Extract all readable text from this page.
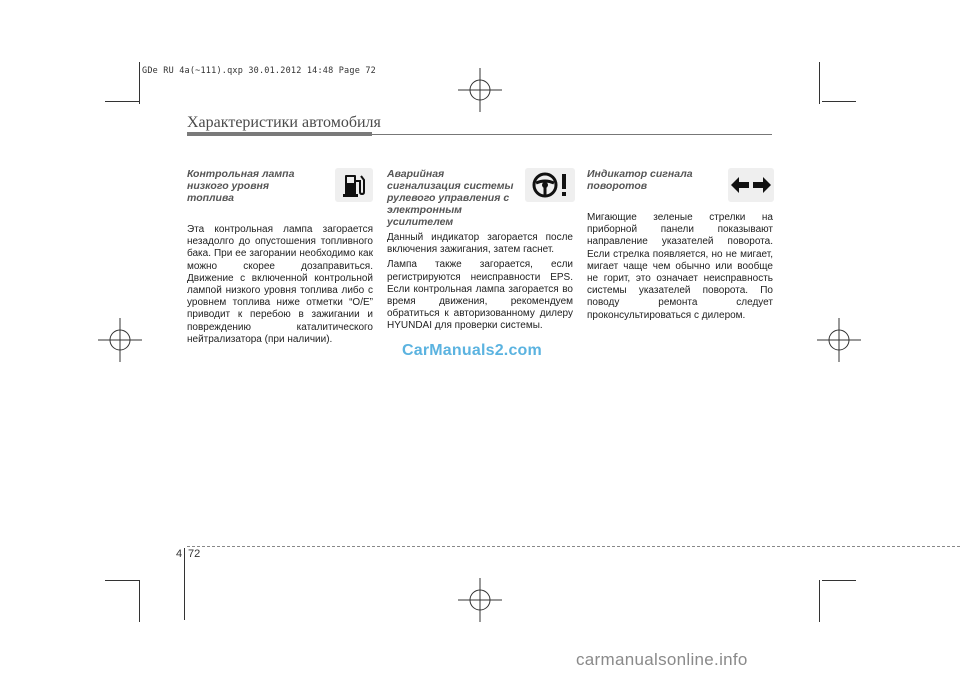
GDe RU 4a(~111).qxp 30.01.2012 14:48 Page 72
Характеристики автомобиля
Контрольная лампа низкого уровня топлива

Эта контрольная лампа загорается незадолго до опустошения топливного бака. При ее загорании необходимо как можно скорее дозаправиться. Движение с включенной контрольной лампой низкого уровня топлива либо с уровнем топлива ниже отметки “O/E” приводит к перебою в зажигании и повреждению каталитического нейтрализатора (при наличии).

Аварийная сигнализация системы рулевого управления с электронным усилителем

Данный индикатор загорается после включения зажигания, затем гаснет.

Лампа также загорается, если регистрируются неисправности EPS. Если контрольная лампа загорается во время движения, рекомендуем обратиться к авторизованному дилеру HYUNDAI для проверки системы.

Индикатор сигнала поворотов

Мигающие зеленые стрелки на приборной панели показывают направление указателей поворота. Если стрелка появляется, но не мигает, мигает чаще чем обычно или вообще не горит, это означает неисправность системы указателей поворота. По поводу ремонта следует проконсультироваться с дилером.

CarManuals2.com
4 72
carmanualsonline.info
